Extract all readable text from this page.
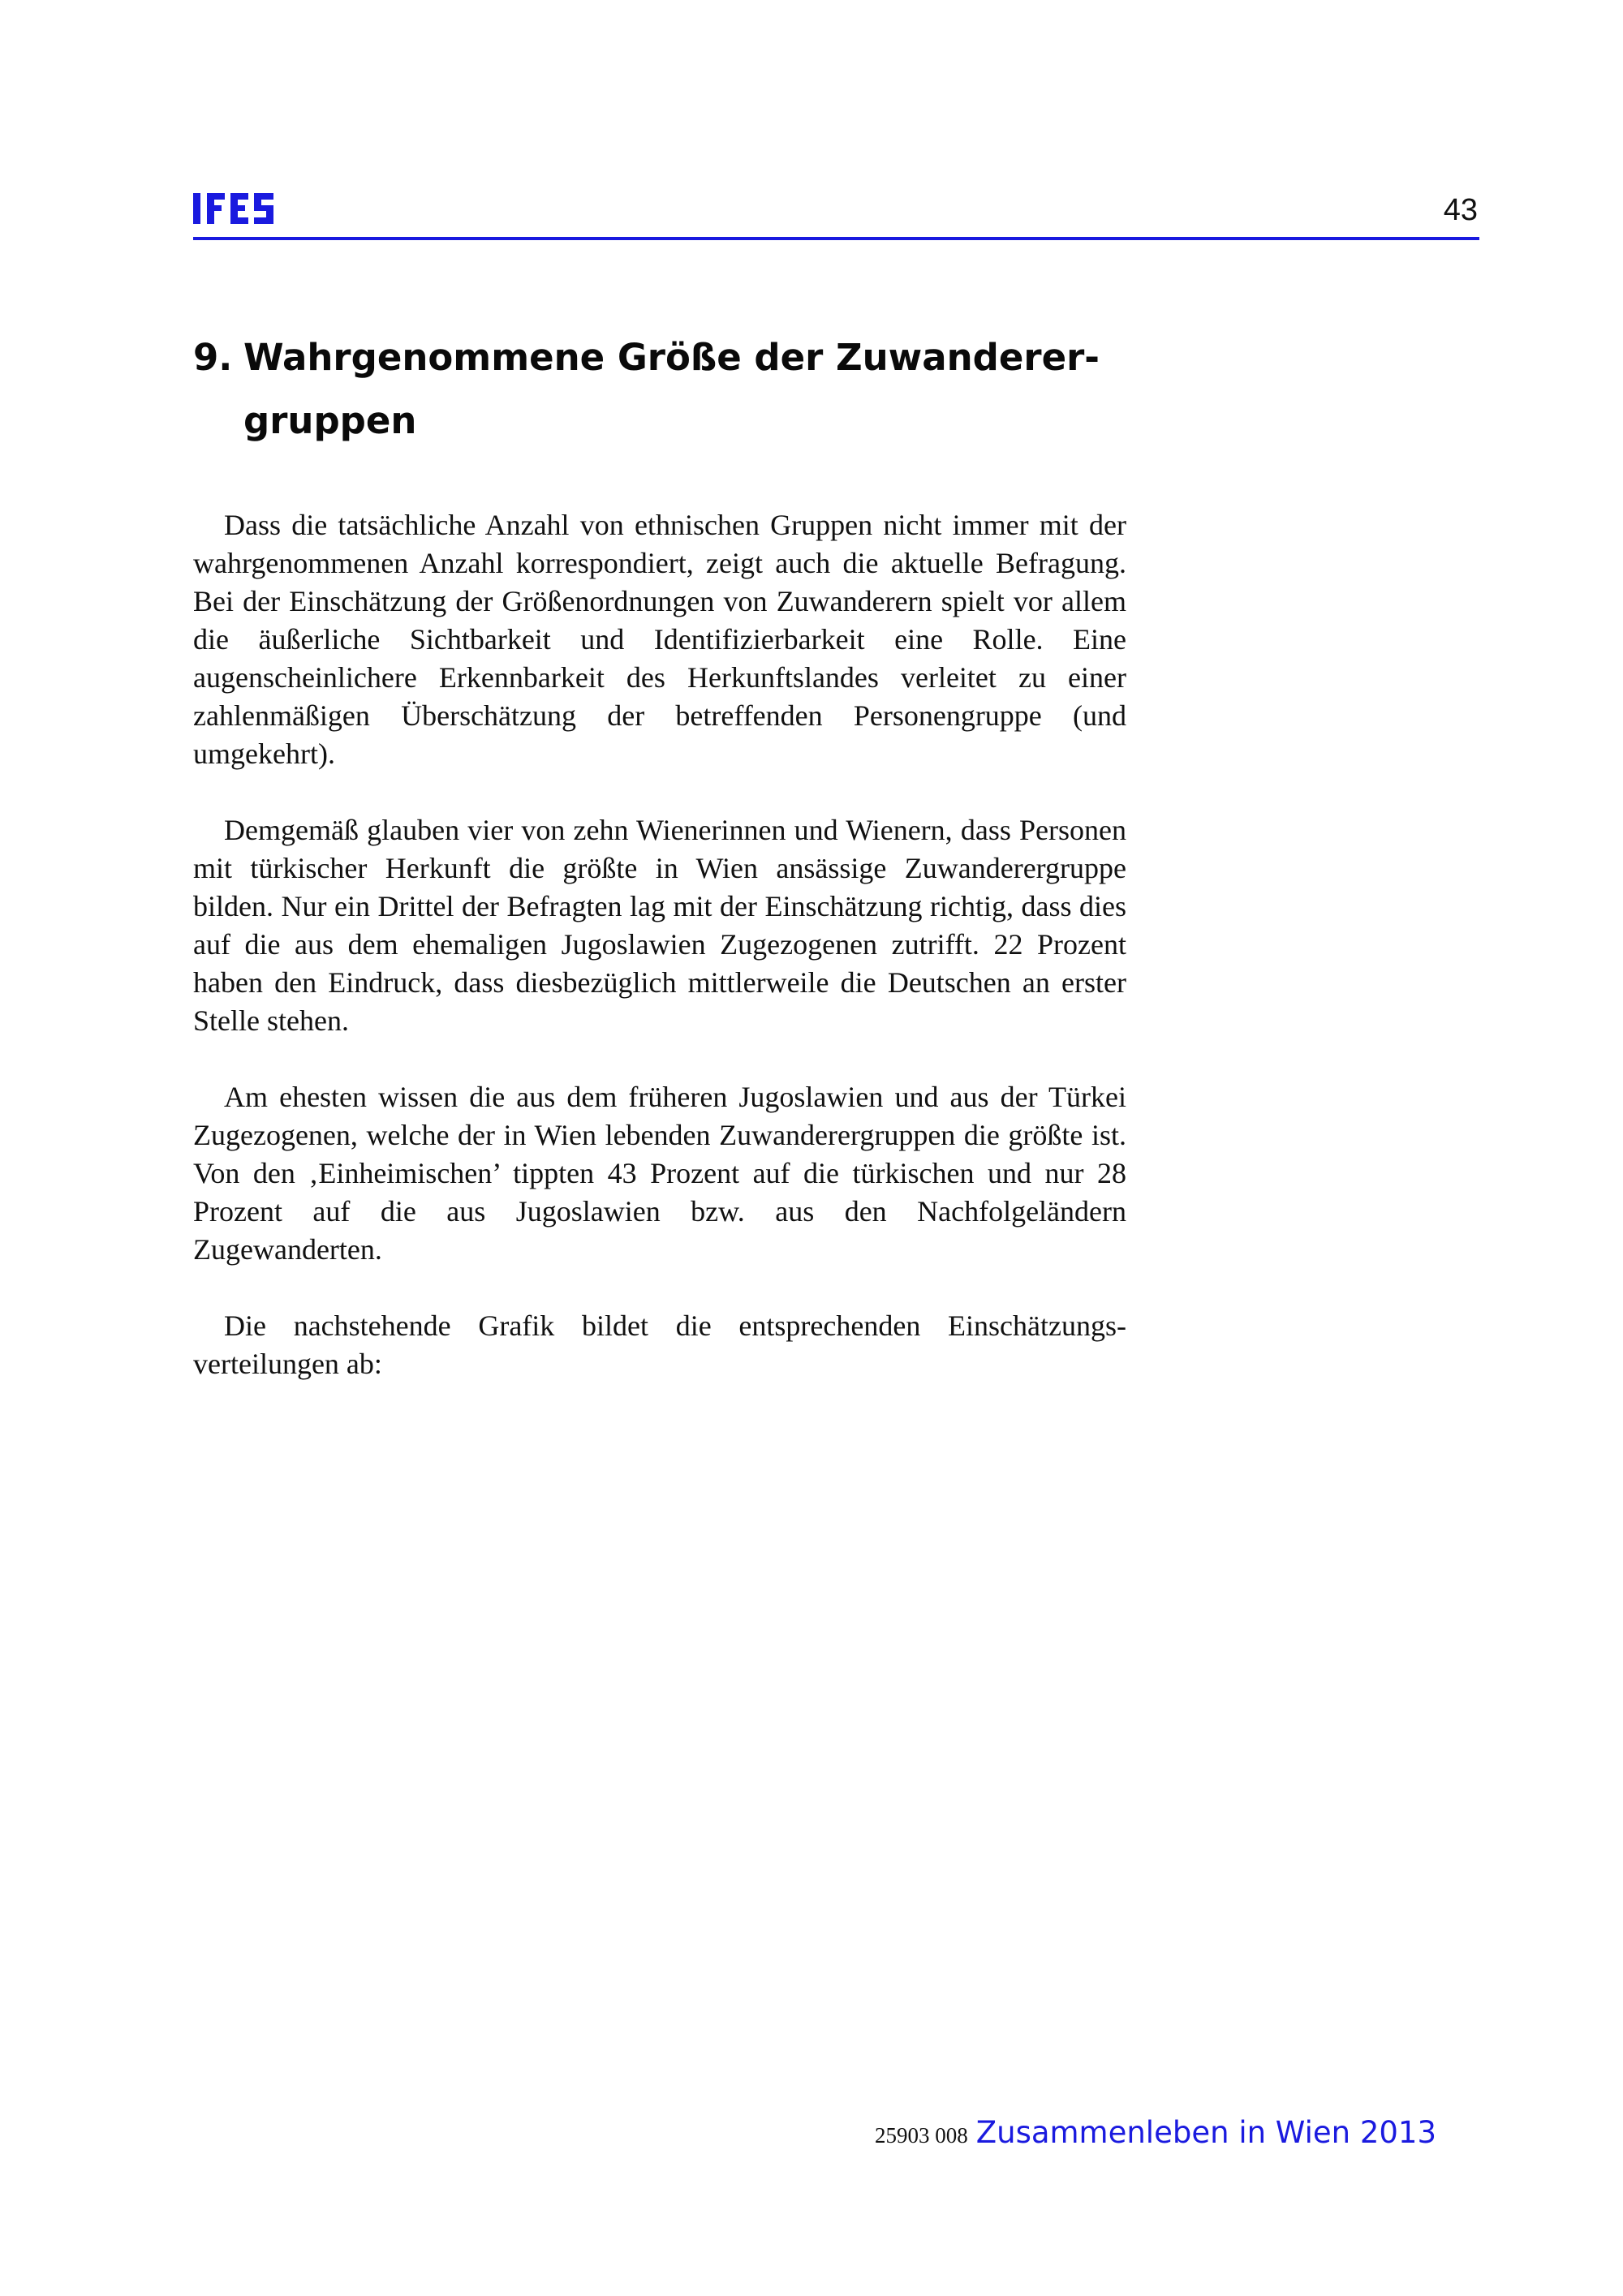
43
9. Wahrgenommene Größe der Zuwanderer-
gruppen

Dass die tatsächliche Anzahl von ethnischen Gruppen nicht immer mit der wahrgenommenen Anzahl korrespondiert, zeigt auch die aktuelle Befragung. Bei der Einschätzung der Größenordnungen von Zuwanderern spielt vor allem die äußerliche Sichtbarkeit und Identifizierbarkeit eine Rolle. Eine augenscheinlichere Erkennbarkeit des Herkunftslandes verleitet zu einer zahlenmäßigen Überschätzung der betreffenden Personengruppe (und umgekehrt).

Demgemäß glauben vier von zehn Wienerinnen und Wienern, dass Personen mit türkischer Herkunft die größte in Wien ansässige Zuwanderergruppe bilden. Nur ein Drittel der Befragten lag mit der Einschätzung richtig, dass dies auf die aus dem ehemaligen Jugoslawien Zugezogenen zutrifft. 22 Prozent haben den Eindruck, dass diesbezüglich mittlerweile die Deutschen an erster Stelle stehen.

Am ehesten wissen die aus dem früheren Jugoslawien und aus der Türkei Zugezogenen, welche der in Wien lebenden Zuwanderergruppen die größte ist. Von den ‚Einheimischen’ tippten 43 Prozent auf die türkischen und nur 28 Prozent auf die aus Jugoslawien bzw. aus den Nachfolgeländern Zugewanderten.

Die nachstehende Grafik bildet die entsprechenden Einschätzungsverteilungen ab:

25903 008 Zusammenleben in Wien 2013
